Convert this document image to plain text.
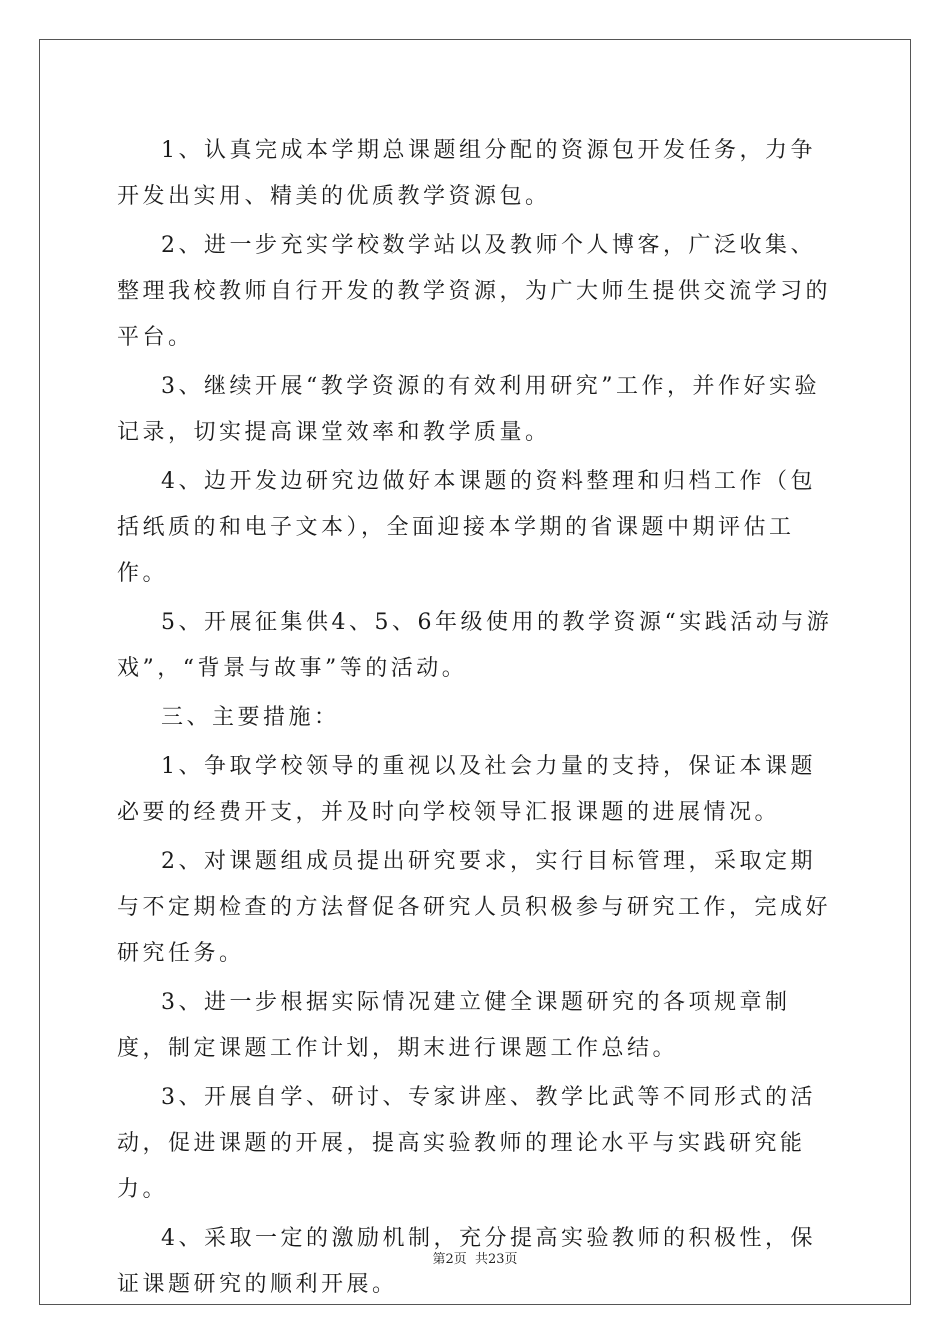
1、认真完成本学期总课题组分配的资源包开发任务，力争开发出实用、精美的优质教学资源包。

2、进一步充实学校数学站以及教师个人博客，广泛收集、整理我校教师自行开发的教学资源，为广大师生提供交流学习的平台。

3、继续开展“教学资源的有效利用研究”工作，并作好实验记录，切实提高课堂效率和教学质量。

4、边开发边研究边做好本课题的资料整理和归档工作（包括纸质的和电子文本），全面迎接本学期的省课题中期评估工作。

5、开展征集供4、5、6年级使用的教学资源“实践活动与游戏”，“背景与故事”等的活动。

三、主要措施：

1、争取学校领导的重视以及社会力量的支持，保证本课题必要的经费开支，并及时向学校领导汇报课题的进展情况。

2、对课题组成员提出研究要求，实行目标管理，采取定期与不定期检查的方法督促各研究人员积极参与研究工作，完成好研究任务。

3、进一步根据实际情况建立健全课题研究的各项规章制度，制定课题工作计划，期末进行课题工作总结。

3、开展自学、研讨、专家讲座、教学比武等不同形式的活动，促进课题的开展，提高实验教师的理论水平与实践研究能力。

4、采取一定的激励机制，充分提高实验教师的积极性，保证课题研究的顺利开展。

第2页 共23页
